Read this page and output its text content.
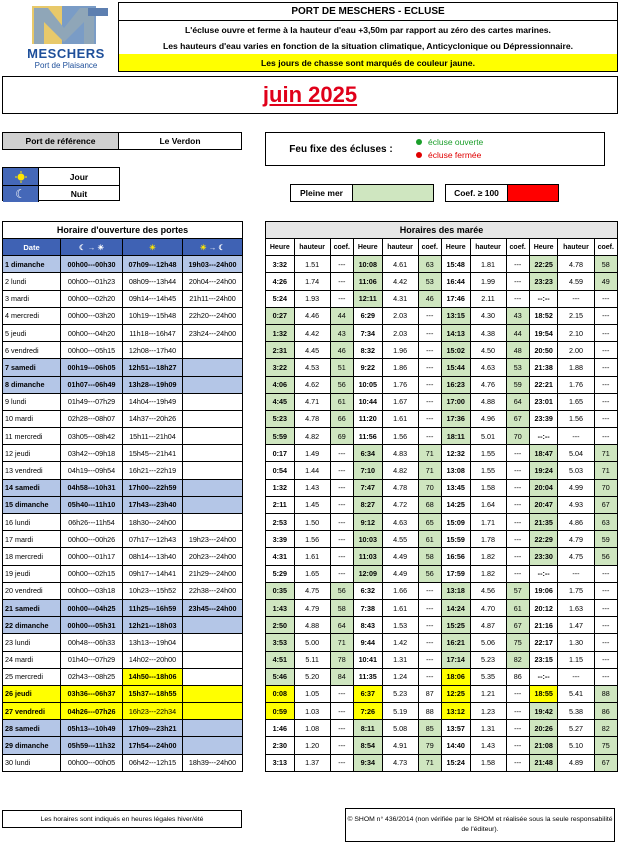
MESCHERS
Port de Plaisance
PORT DE MESCHERS - ECLUSE
L'écluse ouvre et ferme à la hauteur d'eau +3,50m par rapport au zéro des cartes marines.
Les hauteurs d'eau varies en fonction de la situation climatique, Anticyclonique ou Dépressionnaire.
Les jours de chasse sont marqués de couleur jaune.
juin 2025
Port de référence	Le Verdon
Feu fixe des écluses :
écluse ouverte
écluse fermée
Jour
☾	Nuit	Pleine mer	Coef. ≥ 100
Horaire d'ouverture des portes			
Date	☾ → ☀	☀	☀ → ☾
1 dimanche	00h00---00h30	07h09---12h48	19h03---24h00
2 lundi	00h00---01h23	08h09---13h44	20h04---24h00
3 mardi	00h00---02h20	09h14---14h45	21h11---24h00
4 mercredi	00h00---03h20	10h19---15h48	22h20---24h00
5 jeudi	00h00---04h20	11h18---16h47	23h24---24h00
6 vendredi	00h00---05h15	12h08---17h40	
7 samedi	00h19---06h05	12h51---18h27	
8 dimanche	01h07---06h49	13h28---19h09	
9 lundi	01h49---07h29	14h04---19h49	
10 mardi	02h28---08h07	14h37---20h26	
11 mercredi	03h05---08h42	15h11---21h04	
12 jeudi	03h42---09h18	15h45---21h41	
13 vendredi	04h19---09h54	16h21---22h19	
14 samedi	04h58---10h31	17h00---22h59	
15 dimanche	05h40---11h10	17h43---23h40	
16 lundi	06h26---11h54	18h30---24h00	
17 mardi	00h00---00h26	07h17---12h43	19h23---24h00
18 mercredi	00h00---01h17	08h14---13h40	20h23---24h00
19 jeudi	00h00---02h15	09h17---14h41	21h29---24h00
20 vendredi	00h00---03h18	10h23---15h52	22h38---24h00
21 samedi	00h00---04h25	11h25---16h59	23h45---24h00
22 dimanche	00h00---05h31	12h21---18h03	
23 lundi	00h48---06h33	13h13---19h04	
24 mardi	01h40---07h29	14h02---20h00	
25 mercredi	02h43---08h25	14h50---18h06	
26 jeudi	03h36---06h37	15h37---18h55	
27 vendredi	04h26---07h26	16h23---22h34	
28 samedi	05h13---10h49	17h09---23h21	
29 dimanche	05h59---11h32	17h54---24h00	
30 lundi	00h00---00h05	06h42---12h15	18h39---24h00
Horaires des marée											
Heure	hauteur	coef.	Heure	hauteur	coef.	Heure	hauteur	coef.	Heure	hauteur	coef.
3:32	1.51	---	10:08	4.61	63	15:48	1.81	---	22:25	4.78	58
4:26	1.74	---	11:06	4.42	53	16:44	1.99	---	23:23	4.59	49
5:24	1.93	---	12:11	4.31	46	17:46	2.11	---	--:--	---	---
0:27	4.46	44	6:29	2.03	---	13:15	4.30	43	18:52	2.15	---
1:32	4.42	43	7:34	2.03	---	14:13	4.38	44	19:54	2.10	---
2:31	4.45	46	8:32	1.96	---	15:02	4.50	48	20:50	2.00	---
3:22	4.53	51	9:22	1.86	---	15:44	4.63	53	21:38	1.88	---
4:06	4.62	56	10:05	1.76	---	16:23	4.76	59	22:21	1.76	---
4:45	4.71	61	10:44	1.67	---	17:00	4.88	64	23:01	1.65	---
5:23	4.78	66	11:20	1.61	---	17:36	4.96	67	23:39	1.56	---
5:59	4.82	69	11:56	1.56	---	18:11	5.01	70	--:--	---	---
0:17	1.49	---	6:34	4.83	71	12:32	1.55	---	18:47	5.04	71
0:54	1.44	---	7:10	4.82	71	13:08	1.55	---	19:24	5.03	71
1:32	1.43	---	7:47	4.78	70	13:45	1.58	---	20:04	4.99	70
2:11	1.45	---	8:27	4.72	68	14:25	1.64	---	20:47	4.93	67
2:53	1.50	---	9:12	4.63	65	15:09	1.71	---	21:35	4.86	63
3:39	1.56	---	10:03	4.55	61	15:59	1.78	---	22:29	4.79	59
4:31	1.61	---	11:03	4.49	58	16:56	1.82	---	23:30	4.75	56
5:29	1.65	---	12:09	4.49	56	17:59	1.82	---	--:--	---	---
0:35	4.75	56	6:32	1.66	---	13:18	4.56	57	19:06	1.75	---
1:43	4.79	58	7:38	1.61	---	14:24	4.70	61	20:12	1.63	---
2:50	4.88	64	8:43	1.53	---	15:25	4.87	67	21:16	1.47	---
3:53	5.00	71	9:44	1.42	---	16:21	5.06	75	22:17	1.30	---
4:51	5.11	78	10:41	1.31	---	17:14	5.23	82	23:15	1.15	---
5:46	5.20	84	11:35	1.24	---	18:06	5.35	86	--:--	---	---
0:08	1.05	---	6:37	5.23	87	12:25	1.21	---	18:55	5.41	88
0:59	1.03	---	7:26	5.19	88	13:12	1.23	---	19:42	5.38	86
1:46	1.08	---	8:11	5.08	85	13:57	1.31	---	20:26	5.27	82
2:30	1.20	---	8:54	4.91	79	14:40	1.43	---	21:08	5.10	75
3:13	1.37	---	9:34	4.73	71	15:24	1.58	---	21:48	4.89	67
Les horaires sont indiqués en heures légales hiver/été	© SHOM n° 436/2014 (non vérifiée par le SHOM et réalisée sous la seule responsabilité de l'éditeur).
